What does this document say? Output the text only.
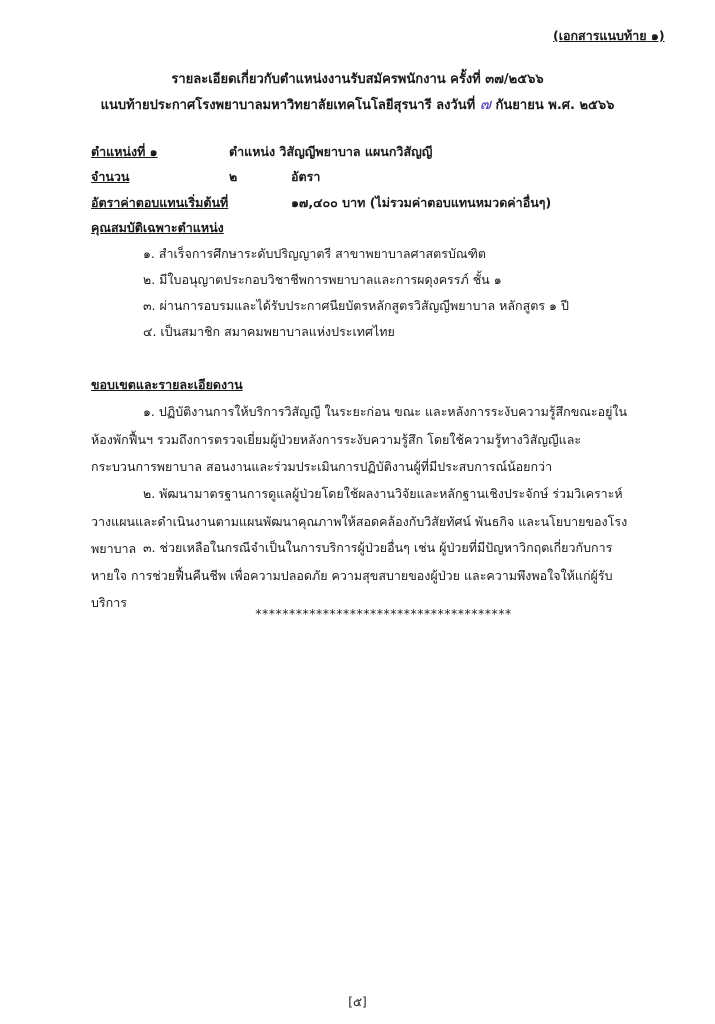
(เอกสารแนบท้าย ๑)
รายละเอียดเกี่ยวกับตำแหน่งงานรับสมัครพนักงาน ครั้งที่ ๓๗/๒๕๖๖
แนบท้ายประกาศโรงพยาบาลมหาวิทยาลัยเทคโนโลยีสุรนารี ลงวันที่ ๗ กันยายน พ.ศ. ๒๕๖๖
ตำแหน่งที่ ๑	ตำแหน่ง วิสัญญีพยาบาล แผนกวิสัญญี
จำนวน	๒	อัตรา
อัตราค่าตอบแทนเริ่มต้นที่	๑๗,๔๐๐ บาท (ไม่รวมค่าตอบแทนหมวดค่าอื่นๆ)
คุณสมบัติเฉพาะตำแหน่ง
๑. สำเร็จการศึกษาระดับปริญญาตรี สาขาพยาบาลศาสตรบัณฑิต
๒. มีใบอนุญาตประกอบวิชาชีพการพยาบาลและการผดุงครรภ์ ชั้น ๑
๓. ผ่านการอบรมและได้รับประกาศนียบัตรหลักสูตรวิสัญญีพยาบาล หลักสูตร ๑ ปี
๔. เป็นสมาชิก สมาคมพยาบาลแห่งประเทศไทย
ขอบเขตและรายละเอียดงาน
๑. ปฏิบัติงานการให้บริการวิสัญญี ในระยะก่อน ขณะ และหลังการระงับความรู้สึกขณะอยู่ในห้องพักฟื้นฯ รวมถึงการตรวจเยี่ยมผู้ป่วยหลังการระงับความรู้สึก โดยใช้ความรู้ทางวิสัญญีและกระบวนการพยาบาล สอนงานและร่วมประเมินการปฏิบัติงานผู้ที่มีประสบการณ์น้อยกว่า
๒. พัฒนามาตรฐานการดูแลผู้ป่วยโดยใช้ผลงานวิจัยและหลักฐานเชิงประจักษ์ ร่วมวิเคราะห์ วางแผนและดำเนินงานตามแผนพัฒนาคุณภาพให้สอดคล้องกับวิสัยทัศน์ พันธกิจ และนโยบายของโรงพยาบาล ๓. ช่วยเหลือในกรณีจำเป็นในการบริการผู้ป่วยอื่นๆ เช่น ผู้ป่วยที่มีปัญหาวิกฤตเกี่ยวกับการหายใจ การช่วยฟื้นคืนชีพ เพื่อความปลอดภัย ความสุขสบายของผู้ป่วย และความพึงพอใจให้แก่ผู้รับบริการ
**************************************
[๕]
